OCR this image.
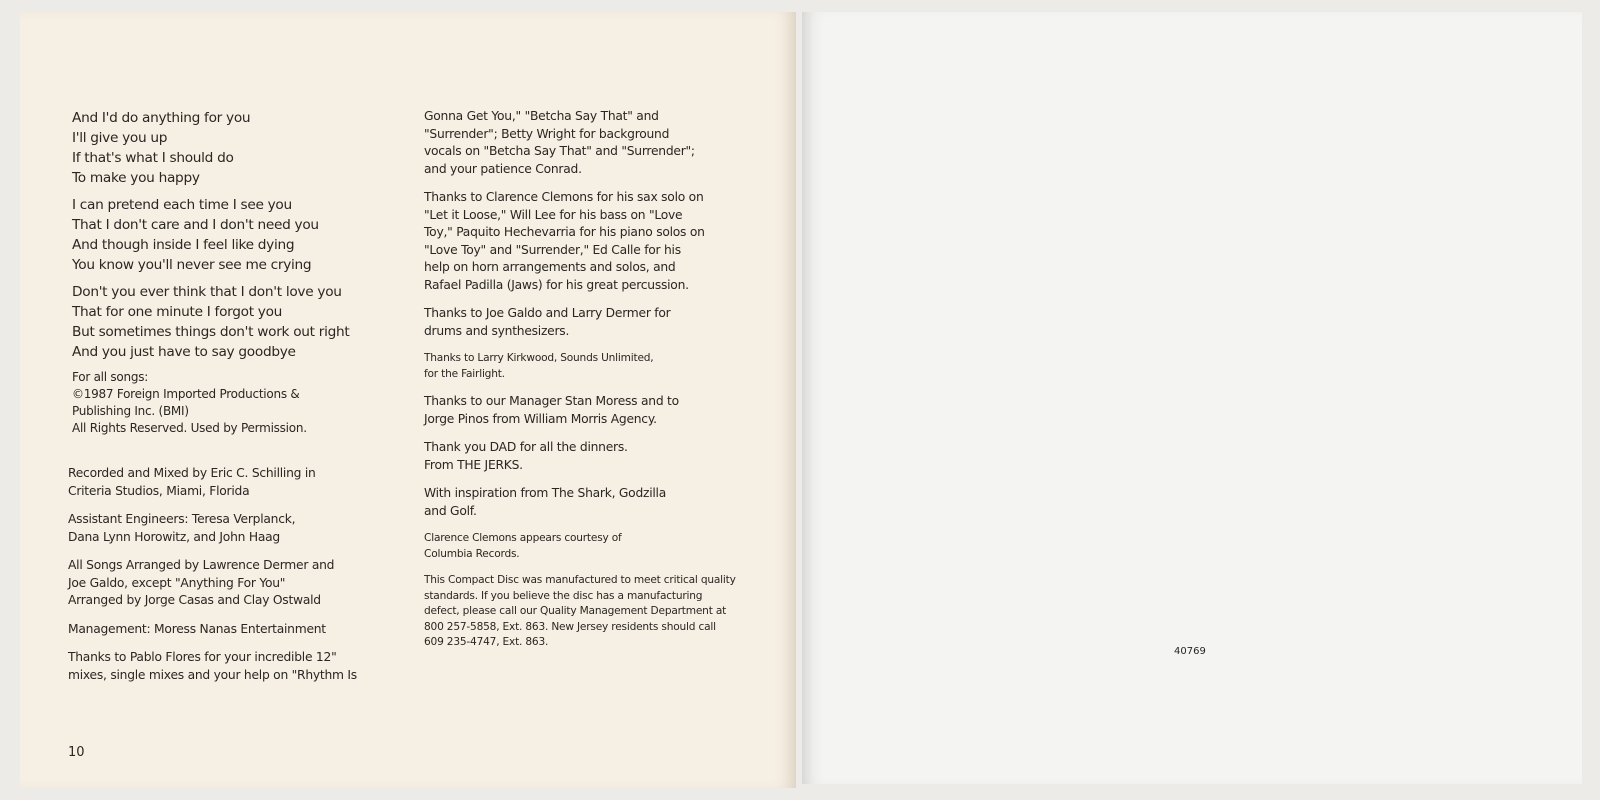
And I'd do anything for you
I'll give you up
If that's what I should do
To make you happy
I can pretend each time I see you
That I don't care and I don't need you
And though inside I feel like dying
You know you'll never see me crying
Don't you ever think that I don't love you
That for one minute I forgot you
But sometimes things don't work out right
And you just have to say goodbye
For all songs:
©1987 Foreign Imported Productions &
Publishing Inc. (BMI)
All Rights Reserved. Used by Permission.
Recorded and Mixed by Eric C. Schilling in
Criteria Studios, Miami, Florida
Assistant Engineers: Teresa Verplanck,
Dana Lynn Horowitz, and John Haag
All Songs Arranged by Lawrence Dermer and
Joe Galdo, except "Anything For You"
Arranged by Jorge Casas and Clay Ostwald
Management: Moress Nanas Entertainment
Thanks to Pablo Flores for your incredible 12"
mixes, single mixes and your help on "Rhythm Is
Gonna Get You," "Betcha Say That" and
"Surrender"; Betty Wright for background
vocals on "Betcha Say That" and "Surrender";
and your patience Conrad.
Thanks to Clarence Clemons for his sax solo on
"Let it Loose," Will Lee for his bass on "Love
Toy," Paquito Hechevarria for his piano solos on
"Love Toy" and "Surrender," Ed Calle for his
help on horn arrangements and solos, and
Rafael Padilla (Jaws) for his great percussion.
Thanks to Joe Galdo and Larry Dermer for
drums and synthesizers.
Thanks to Larry Kirkwood, Sounds Unlimited,
for the Fairlight.
Thanks to our Manager Stan Moress and to
Jorge Pinos from William Morris Agency.
Thank you DAD for all the dinners.
From THE JERKS.
With inspiration from The Shark, Godzilla
and Golf.
Clarence Clemons appears courtesy of
Columbia Records.
This Compact Disc was manufactured to meet critical quality
standards. If you believe the disc has a manufacturing
defect, please call our Quality Management Department at
800 257-5858, Ext. 863. New Jersey residents should call
609 235-4747, Ext. 863.
10
40769
